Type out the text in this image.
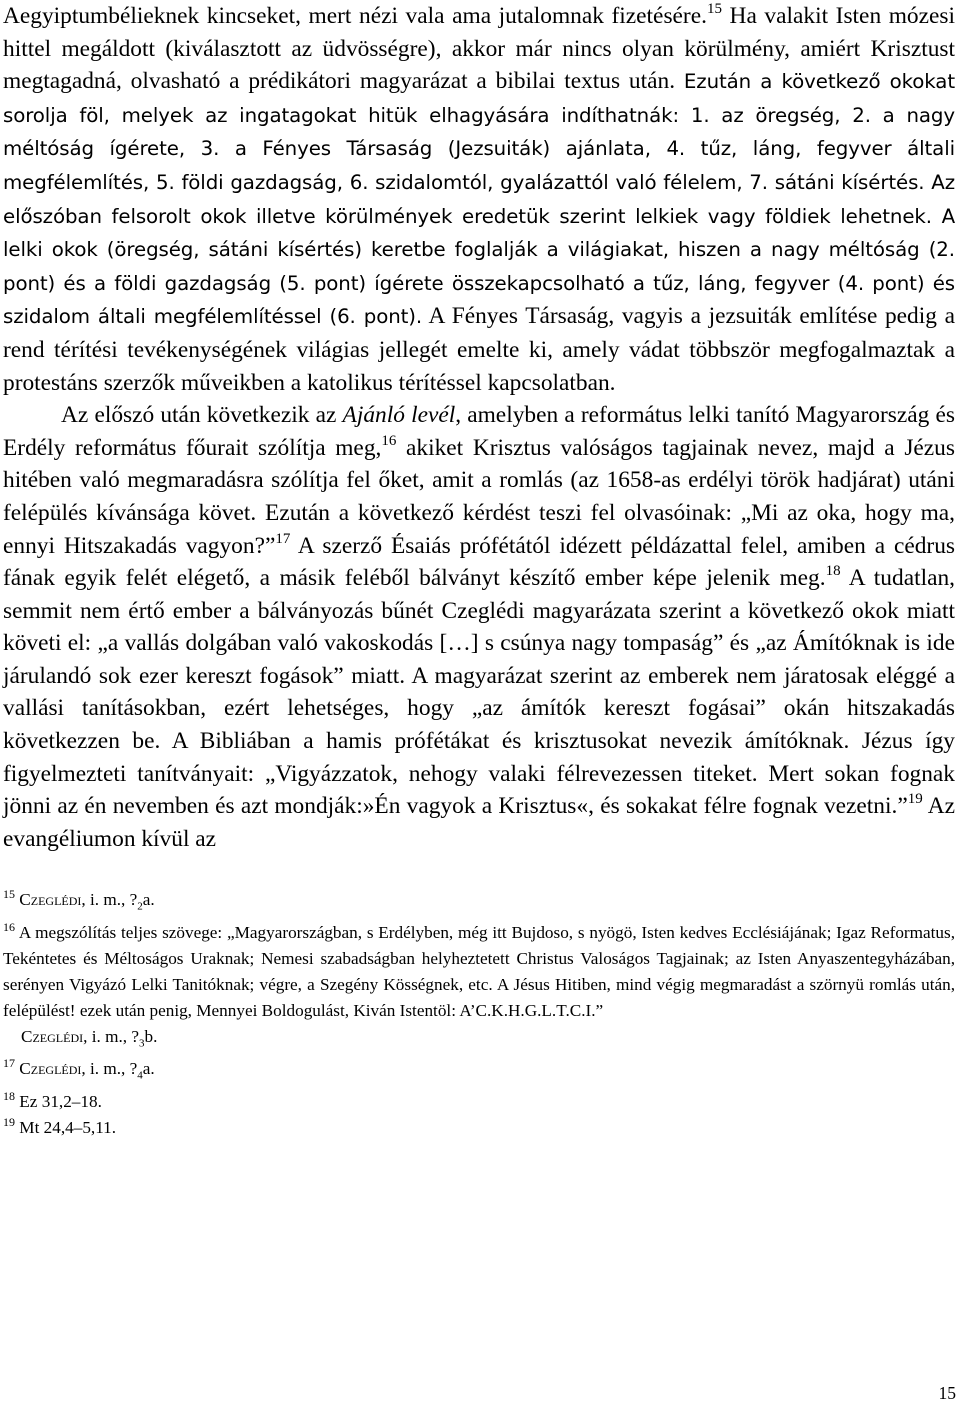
Aegyiptumbélieknek kincseket, mert nézi vala ama jutalomnak fizetésére.$^{15}$ Ha valakit Isten mózesi hittel megáldott (kiválasztott az üdvösségre), akkor már nincs olyan körülmény, amiért Krisztust megtagadná, olvasható a prédikátori magyarázat a bibilai textus után. Ezután a következő okokat sorolja föl, melyek az ingatagokat hitük elhagyására indíthatnák: 1. az öregség, 2. a nagy méltóság ígérete, 3. a Fényes Társaság (Jezsuiták) ajánlata, 4. tűz, láng, fegyver általi megfélemlítés, 5. földi gazdagság, 6. szidalomtól, gyalázattól való félelem, 7. sátáni kísértés. Az előszóban felsorolt okok illetve körülmények eredetük szerint lelkiek vagy földiek lehetnek. A lelki okok (öregség, sátáni kísértés) keretbe foglalják a világiakat, hiszen a nagy méltóság (2. pont) és a földi gazdagság (5. pont) ígérete összekapcsolható a tűz, láng, fegyver (4. pont) és szidalom általi megfélemlítéssel (6. pont). A Fényes Társaság, vagyis a jezsuiták említése pedig a rend térítési tevékenységének világias jellegét emelte ki, amely vádat többször megfogalmaztak a protestáns szerzők műveikben a katolikus térítéssel kapcsolatban.

Az előszó után következik az Ajánló levél, amelyben a református lelki tanító Magyarország és Erdély református főurait szólítja meg,$^{16}$ akiket Krisztus valóságos tagjainak nevez, majd a Jézus hitében való megmaradásra szólítja fel őket, amit a romlás (az 1658-as erdélyi török hadjárat) utáni felépülés kívánsága követ. Ezután a következő kérdést teszi fel olvasóinak: „Mi az oka, hogy ma, ennyi Hitszakadás vagyon?”$^{17}$ A szerző Ésaiás prófétától idézett példázattal felel, amiben a cédrus fának egyik felét elégető, a másik feléből bálványt készítő ember képe jelenik meg.$^{18}$ A tudatlan, semmit nem értő ember a bálványozás bűnét Czeglédi magyarázata szerint a következő okok miatt követi el: „a vallás dolgában való vakoskodás […] s csúnya nagy tompaság” és „az Ámítóknak is ide járulandó sok ezer kereszt fogások” miatt. A magyarázat szerint az emberek nem járatosak eléggé a vallási tanításokban, ezért lehetséges, hogy „az ámítók kereszt fogásai” okán hitszakadás következzen be. A Bibliában a hamis prófétákat és krisztusokat nevezik ámítóknak. Jézus így figyelmezteti tanítványait: „Vigyázzatok, nehogy valaki félrevezessen titeket. Mert sokan fognak jönni az én nevemben és azt mondják:»Én vagyok a Krisztus«, és sokakat félre fognak vezetni.”$^{19}$ Az evangéliumon kívül az

$^{15}$ Czeglédi, i. m., $?_2a$.

$^{16}$ A megszólítás teljes szövege: „Magyarországban, s Erdélyben, még itt Bujdoso, s nyögö, Isten kedves Ecclésiájának; Igaz Reformatus, Tekéntetes és Méltoságos Uraknak; Nemesi szabadságban helyheztetett Christus Valoságos Tagjainak; az Isten Anyaszentegyházában, serényen Vigyázó Lelki Tanitóknak; végre, a Szegény Kösségnek, etc. A Jésus Hitiben, mind végig megmaradást a szörnyü romlás után, felépülést! ezek után penig, Mennyei Boldogulást, Kiván Istentöl: A’C.K.H.G.L.T.C.I.”

Czeglédi, i. m., $?_3b$.

$^{17}$ Czeglédi, i. m., $?_4a$.

$^{18}$ Ez 31,2–18.

$^{19}$ Mt 24,4–5,11.

15
